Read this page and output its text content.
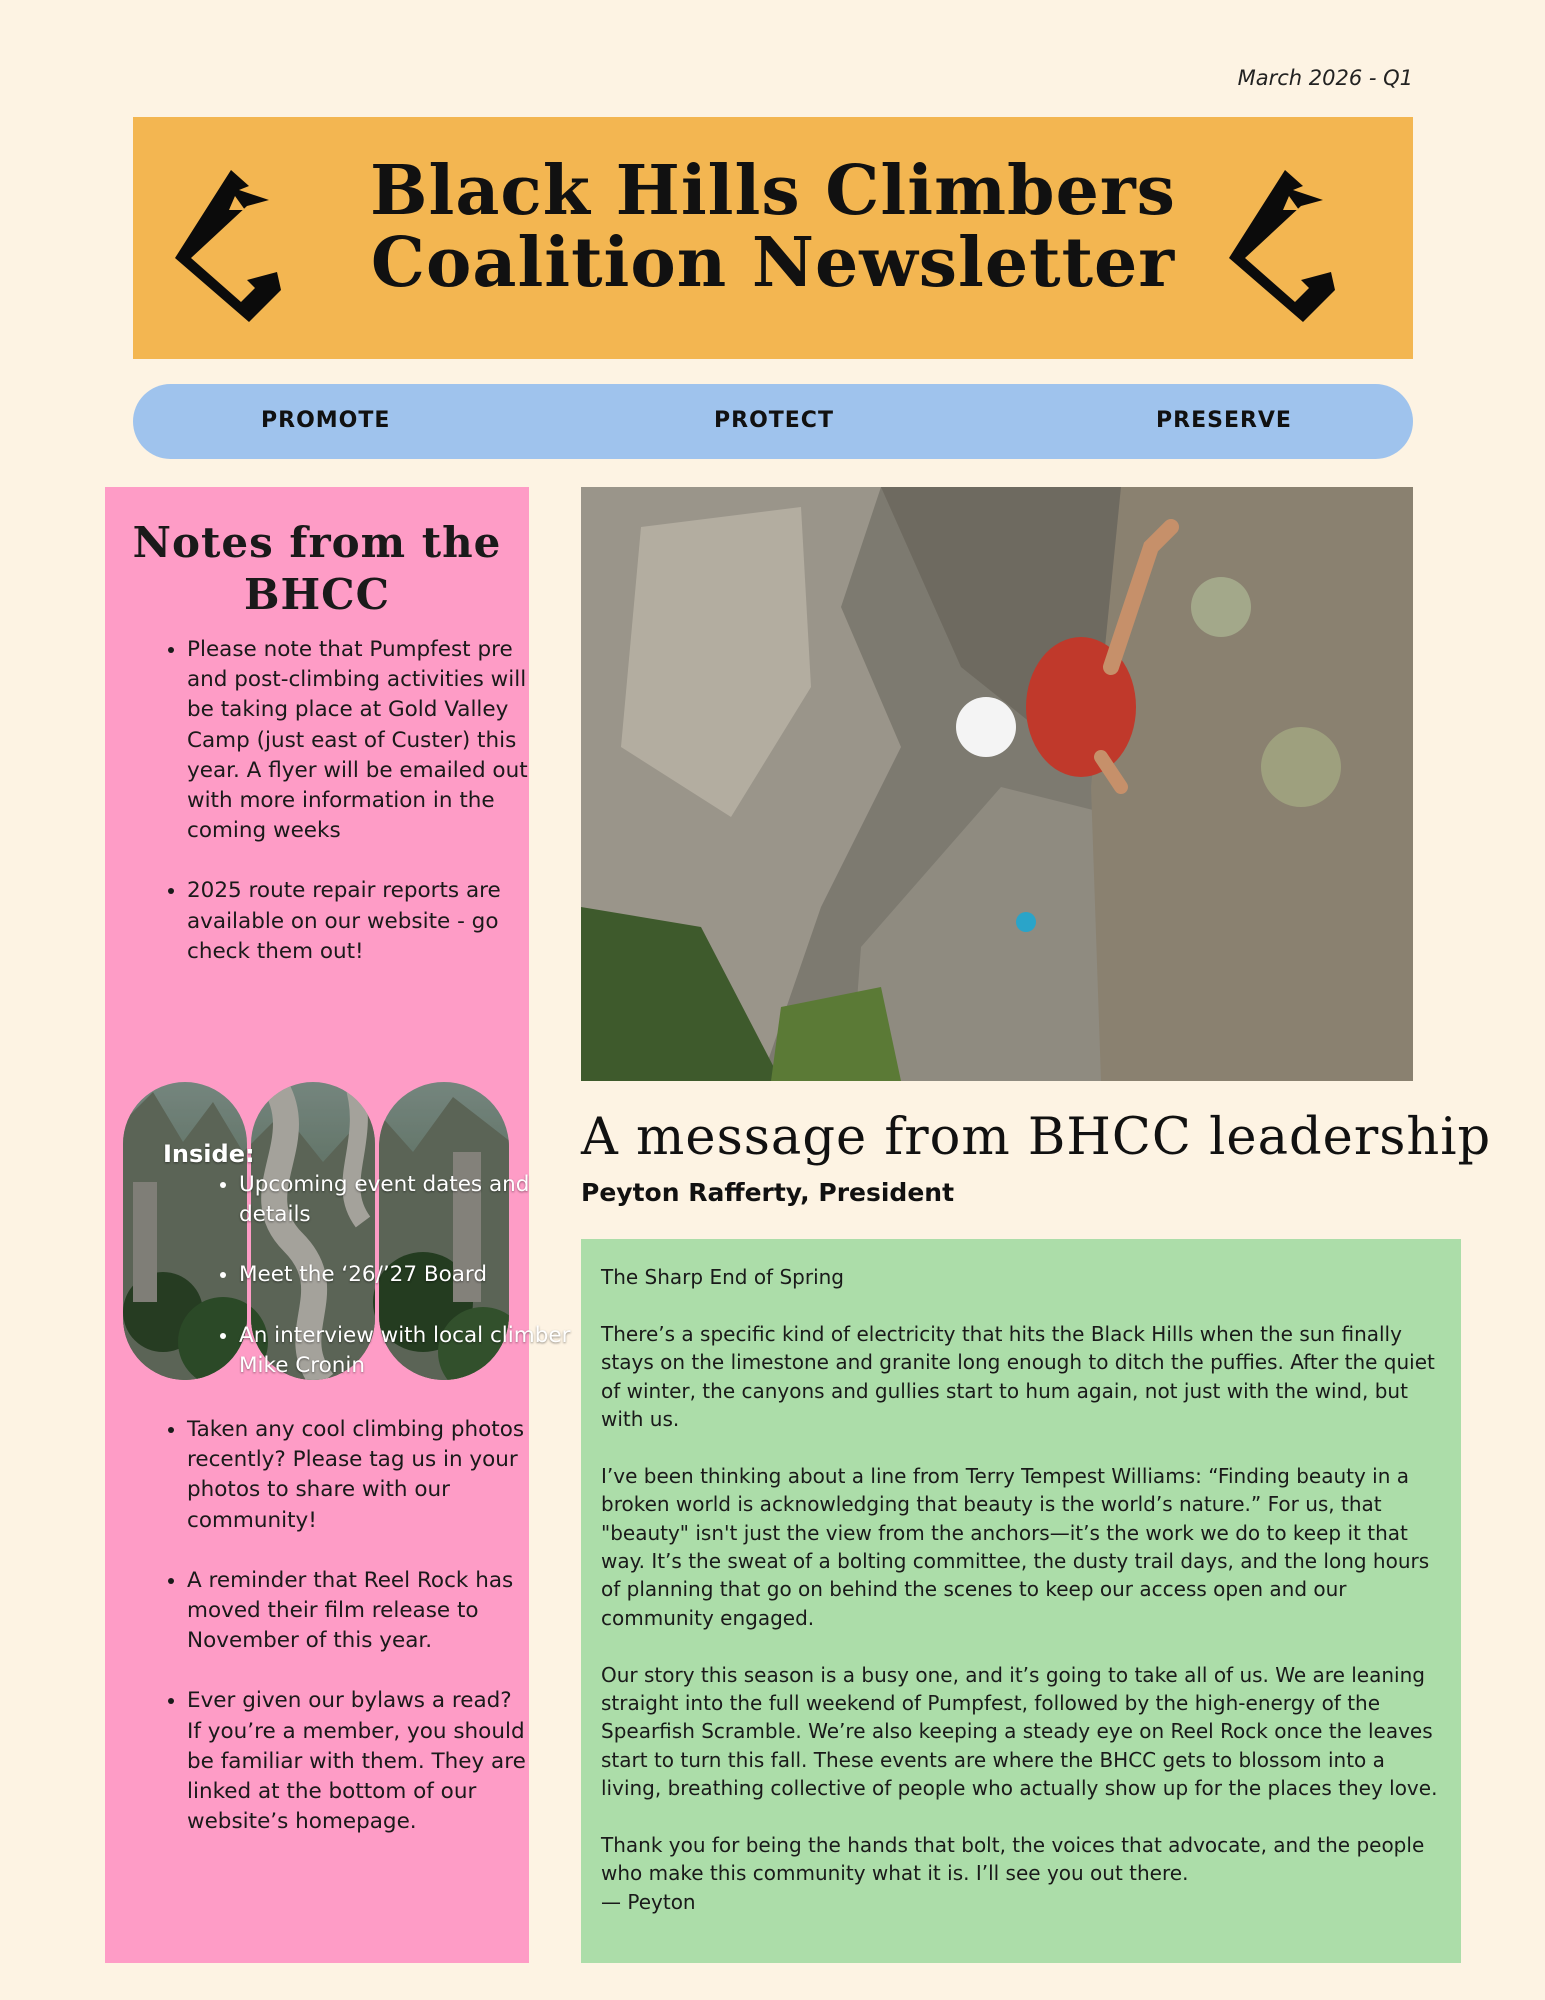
March 2026 - Q1
Black Hills Climbers
Coalition Newsletter
PROMOTE	PROTECT	PRESERVE
Notes from the BHCC
• Please note that Pumpfest pre and post-climbing activities will be taking place at Gold Valley Camp (just east of Custer) this year. A flyer will be emailed out with more information in the coming weeks
• 2025 route repair reports are available on our website - go check them out!
Inside:
• Upcoming event dates and details
• Meet the ‘26/’27 Board
• An interview with local climber Mike Cronin
• Taken any cool climbing photos recently? Please tag us in your photos to share with our community!
• A reminder that Reel Rock has moved their film release to November of this year.
• Ever given our bylaws a read? If you’re a member, you should be familiar with them. They are linked at the bottom of our website’s homepage.
A message from BHCC leadership
Peyton Rafferty, President

The Sharp End of Spring

There’s a specific kind of electricity that hits the Black Hills when the sun finally stays on the limestone and granite long enough to ditch the puffies. After the quiet of winter, the canyons and gullies start to hum again, not just with the wind, but with us.

I’ve been thinking about a line from Terry Tempest Williams: “Finding beauty in a broken world is acknowledging that beauty is the world’s nature.” For us, that "beauty" isn't just the view from the anchors—it’s the work we do to keep it that way. It’s the sweat of a bolting committee, the dusty trail days, and the long hours of planning that go on behind the scenes to keep our access open and our community engaged.

Our story this season is a busy one, and it’s going to take all of us. We are leaning straight into the full weekend of Pumpfest, followed by the high-energy of the Spearfish Scramble. We’re also keeping a steady eye on Reel Rock once the leaves start to turn this fall. These events are where the BHCC gets to blossom into a living, breathing collective of people who actually show up for the places they love.

Thank you for being the hands that bolt, the voices that advocate, and the people who make this community what it is. I’ll see you out there.
— Peyton
